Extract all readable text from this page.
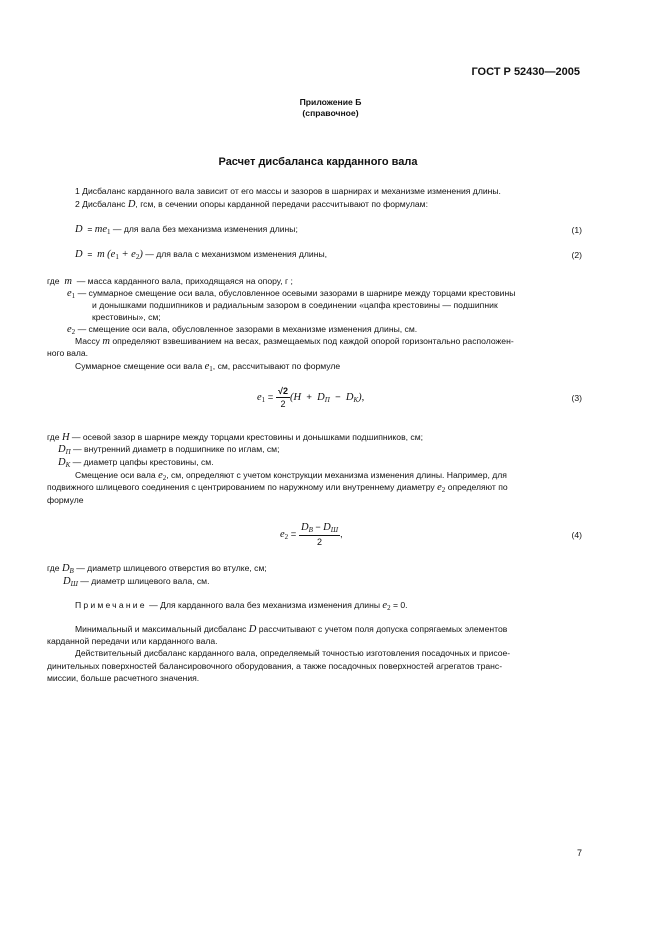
ГОСТ Р 52430—2005
Приложение Б
(справочное)
Расчет дисбаланса карданного вала
1 Дисбаланс карданного вала зависит от его массы и зазоров в шарнирах и механизме изменения длины.
2 Дисбаланс D, гсм, в сечении опоры карданной передачи рассчитывают по формулам:
$D = me_1$ — для вала без механизма изменения длины;	(1)
D  =  m $(e_1 + e_2)$ — для вала с механизмом изменения длины,	(2)
где m — масса карданного вала, приходящаяся на опору, г ;
$e_1$ — суммарное смещение оси вала, обусловленное осевыми зазорами в шарнире между торцами крестовины
и донышками подшипников и радиальным зазором в соединении «цапфа крестовины — подшипник
крестовины», см;
$e_2$ — смещение оси вала, обусловленное зазорами в механизме изменения длины, см.
Массу m определяют взвешиванием на весах, размещаемых под каждой опорой горизонтально расположен-
ного вала.
Суммарное смещение оси вала $e_1$, см, рассчитывают по формуле
$e_1 = \frac{√2}{2} (H + D_П - D_К)$,	(3)
где H — осевой зазор в шарнире между торцами крестовины и донышками подшипников, см;
$D_П$ — внутренний диаметр в подшипнике по иглам, см;
$D_К$ — диаметр цапфы крестовины, см.
Смещение оси вала $e_2$, см, определяют с учетом конструкции механизма изменения длины. Например, для
подвижного шлицевого соединения с центрированием по наружному или внутреннему диаметру $e_2$ определяют по
формуле
$e_2 = \frac{D_В - D_Ш}{2}$ ,	(4)
где $D_В$ — диаметр шлицевого отверстия во втулке, см;
$D_Ш$ — диаметр шлицевого вала, см.
Примечание — Для карданного вала без механизма изменения длины $e_2 = 0$.
Минимальный и максимальный дисбаланс D рассчитывают с учетом поля допуска сопрягаемых элементов
карданной передачи или карданного вала.
Действительный дисбаланс карданного вала, определяемый точностью изготовления посадочных и присое-
динительных поверхностей балансировочного оборудования, а также посадочных поверхностей агрегатов транс-
миссии, больше расчетного значения.
7
